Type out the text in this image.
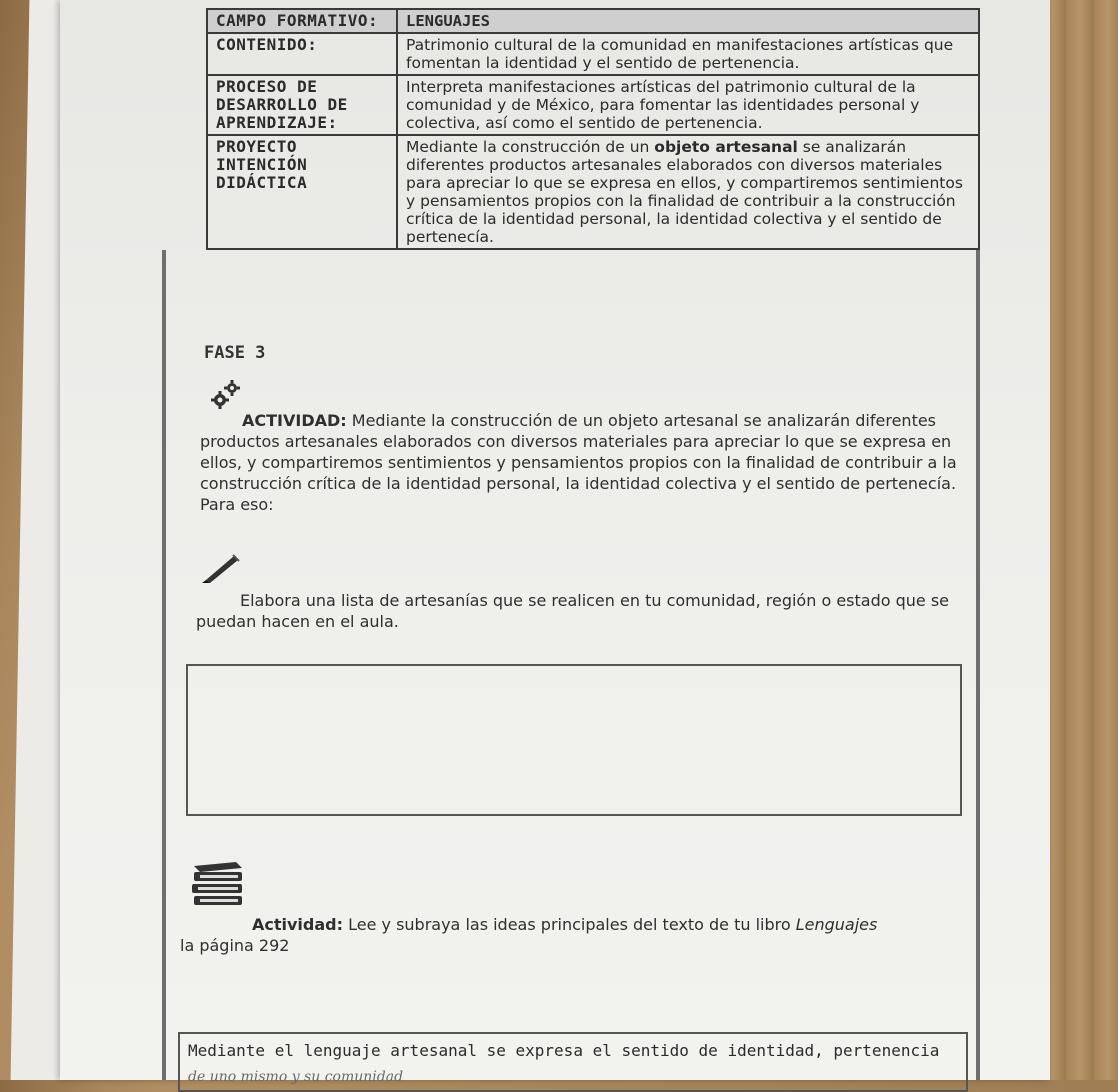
CAMPO FORMATIVO:	LENGUAJES
CONTENIDO:	Patrimonio cultural de la comunidad en manifestaciones artísticas que fomentan la identidad y el sentido de pertenencia.
PROCESO DE DESARROLLO DE APRENDIZAJE:
Interpreta manifestaciones artísticas del patrimonio cultural de la comunidad y de México, para fomentar las identidades personal y colectiva, así como el sentido de pertenencia.
PROYECTO INTENCIÓN DIDÁCTICA
Mediante la construcción de un objeto artesanal se analizarán diferentes productos artesanales elaborados con diversos materiales para apreciar lo que se expresa en ellos, y compartiremos sentimientos y pensamientos propios con la finalidad de contribuir a la construcción crítica de la identidad personal, la identidad colectiva y el sentido de pertenecía.
FASE 3
ACTIVIDAD: Mediante la construcción de un objeto artesanal se analizarán diferentes productos artesanales elaborados con diversos materiales para apreciar lo que se expresa en ellos, y compartiremos sentimientos y pensamientos propios con la finalidad de contribuir a la construcción crítica de la identidad personal, la identidad colectiva y el sentido de pertenecía. Para eso:
Elabora una lista de artesanías que se realicen en tu comunidad, región o estado que se puedan hacen en el aula.
Actividad: Lee y subraya las ideas principales del texto de tu libro Lenguajes
la página 292
Mediante el lenguaje artesanal se expresa el sentido de identidad, pertenencia
de uno mismo y su comunidad
